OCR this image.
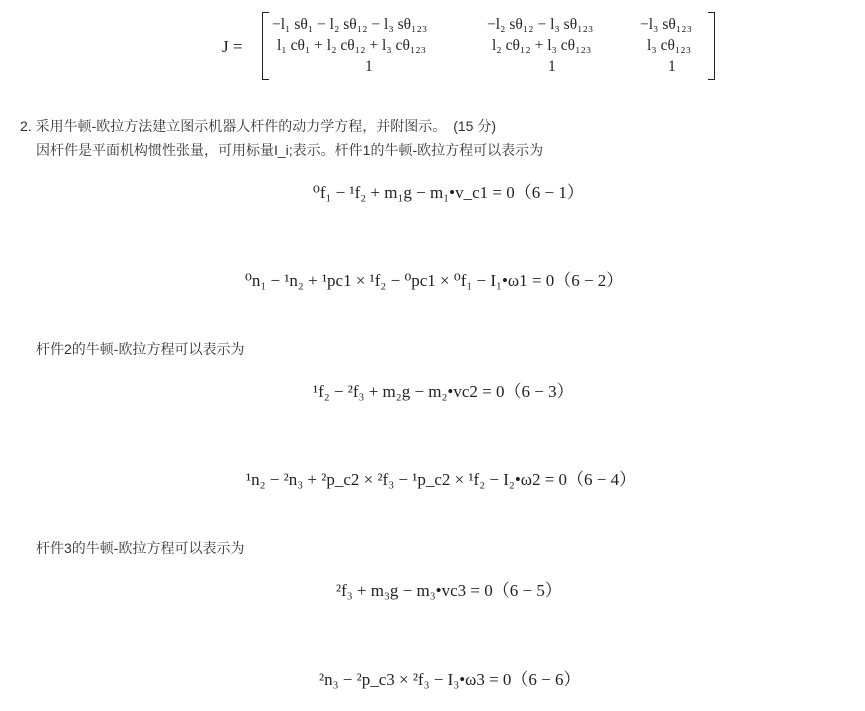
J =
−l₁ sθ₁ − l₂ sθ₁₂ − l₃ sθ₁₂₃	−l₂ sθ₁₂ − l₃ sθ₁₂₃	−l₃ sθ₁₂₃
l₁ cθ₁ + l₂ cθ₁₂ + l₃ cθ₁₂₃	l₂ cθ₁₂ + l₃ cθ₁₂₃	l₃ cθ₁₂₃
1	1	1
2. 采用牛顿-欧拉方法建立图示机器人杆件的动力学方程，并附图示。　(15 分)
因杆件是平面机构惯性张量，可用标量I_i;表示。杆件1的牛顿-欧拉方程可以表示为
⁰f₁ − ¹f₂ + m₁g − m₁•v_c1 = 0（6 − 1）
⁰n₁ − ¹n₂ + ¹pc1 × ¹f₂ − ⁰pc1 × ⁰f₁ − I₁•ω1 = 0（6 − 2）
杆件2的牛顿-欧拉方程可以表示为
¹f₂ − ²f₃ + m₂g − m₂•vc2 = 0（6 − 3）
¹n₂ − ²n₃ + ²p_c2 × ²f₃ − ¹p_c2 × ¹f₂ − I₂•ω2 = 0（6 − 4）
杆件3的牛顿-欧拉方程可以表示为
²f₃ + m₃g − m₃•vc3 = 0（6 − 5）
²n₃ − ²p_c3 × ²f₃ − I₃•ω3 = 0（6 − 6）
